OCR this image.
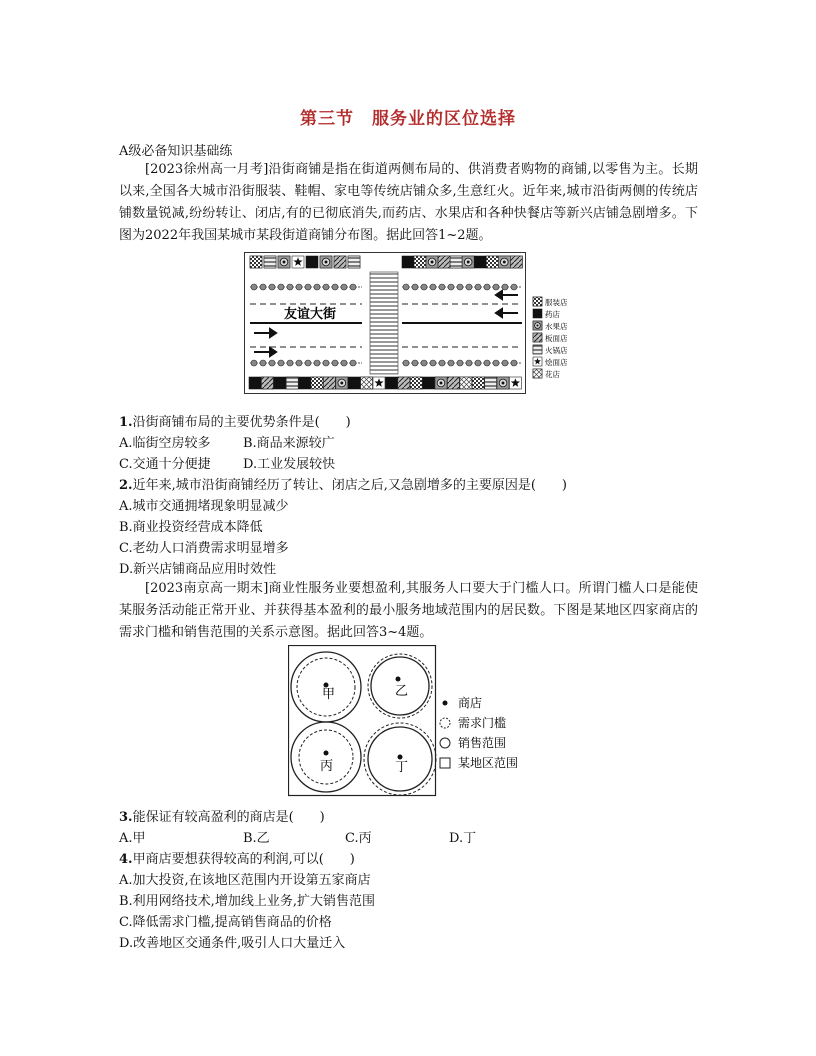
第三节　服务业的区位选择
A级必备知识基础练

[2023徐州高一月考]沿街商铺是指在街道两侧布局的、供消费者购物的商铺,以零售为主。长期以来,全国各大城市沿街服装、鞋帽、家电等传统店铺众多,生意红火。近年来,城市沿街两侧的传统店铺数量锐减,纷纷转让、闭店,有的已彻底消失,而药店、水果店和各种快餐店等新兴店铺急剧增多。下图为2022年我国某城市某段街道商铺分布图。据此回答1~2题。

友谊大街
服装店
药店
水果店
板面店
火锅店
烩面店
花店
1.沿街商铺布局的主要优势条件是(　　)
A.临街空房较多 B.商品来源较广
C.交通十分便捷 D.工业发展较快
2.近年来,城市沿街商铺经历了转让、闭店之后,又急剧增多的主要原因是(　　)
A.城市交通拥堵现象明显减少
B.商业投资经营成本降低
C.老幼人口消费需求明显增多
D.新兴店铺商品应用时效性

[2023南京高一期末]商业性服务业要想盈利,其服务人口要大于门槛人口。所谓门槛人口是能使某服务活动能正常开业、并获得基本盈利的最小服务地域范围内的居民数。下图是某地区四家商店的需求门槛和销售范围的关系示意图。据此回答3~4题。

甲	乙
丙	丁
商店
需求门槛
销售范围
某地区范围
3.能保证有较高盈利的商店是(　　)
A.甲	B.乙	C.丙	D.丁
4.甲商店要想获得较高的利润,可以(　　)
A.加大投资,在该地区范围内开设第五家商店
B.利用网络技术,增加线上业务,扩大销售范围
C.降低需求门槛,提高销售商品的价格
D.改善地区交通条件,吸引人口大量迁入
